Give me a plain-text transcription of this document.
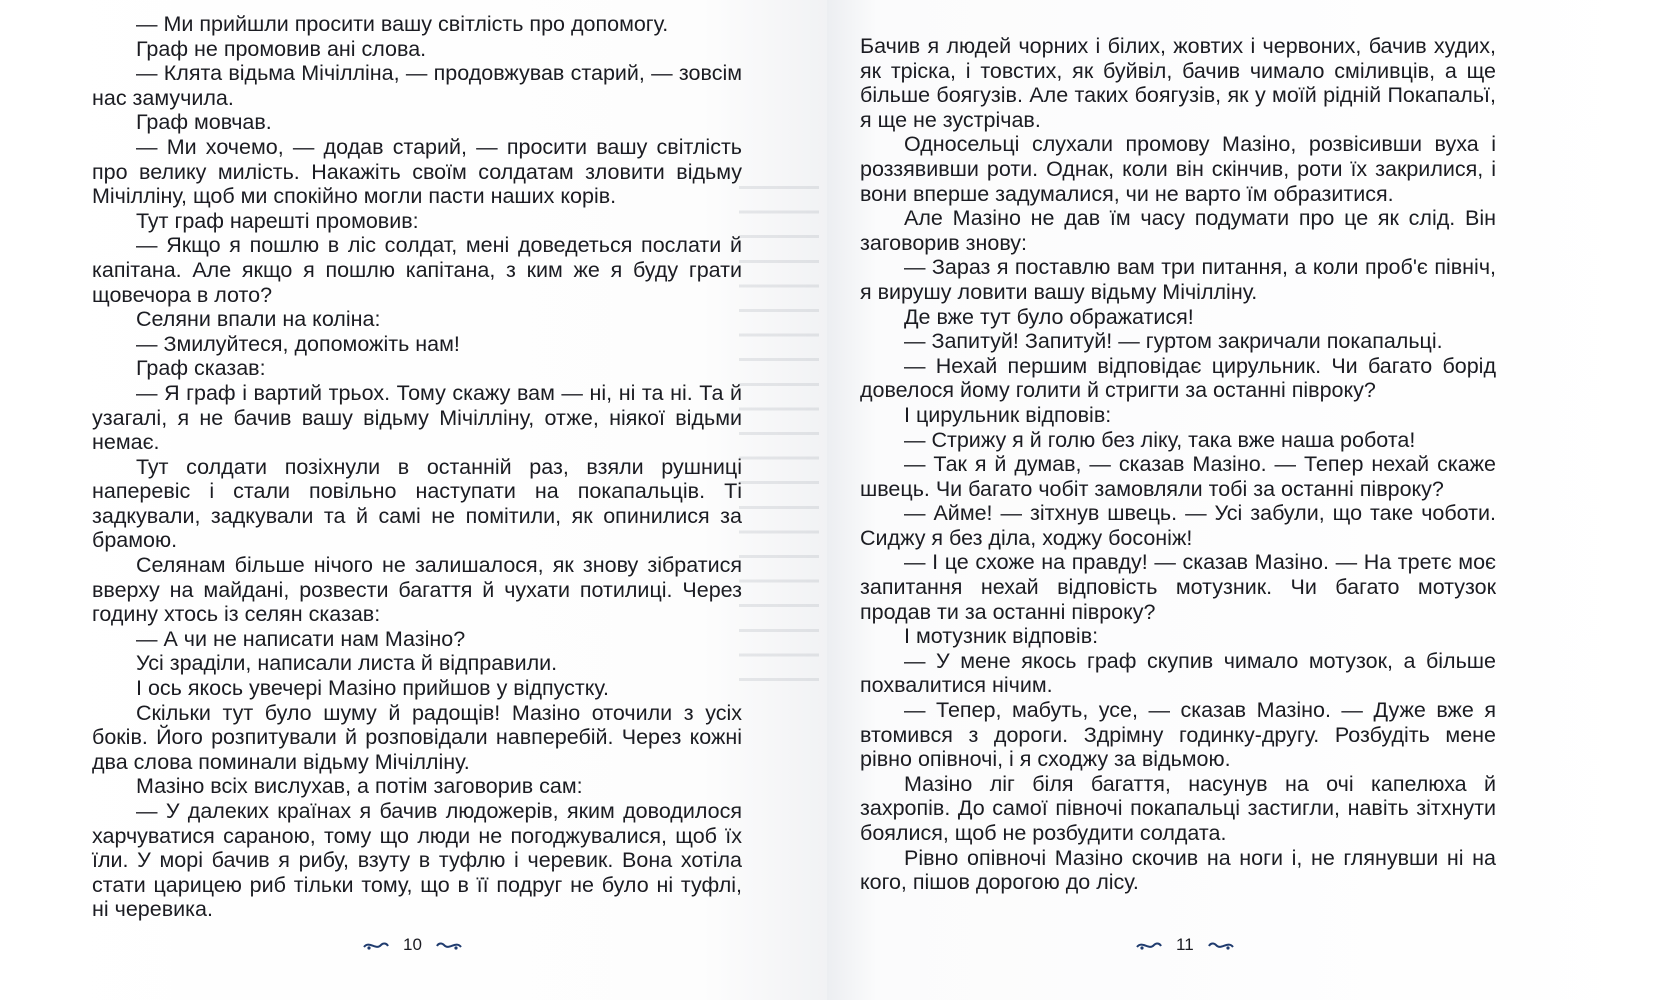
— Ми прийшли просити вашу світлість про допомогу.

Граф не промовив ані слова.

— Клята відьма Мічілліна, — продовжував старий, — зовсім нас замучила.

Граф мовчав.

— Ми хочемо, — додав старий, — просити вашу світлість про велику милість. Накажіть своїм солдатам зловити відьму Мічілліну, щоб ми спокійно могли пасти наших корів.

Тут граф нарешті промовив:

— Якщо я пошлю в ліс солдат, мені доведеться послати й капітана. Але якщо я пошлю капітана, з ким же я буду грати щовечора в лото?

Селяни впали на коліна:

— Змилуйтеся, допоможіть нам!

Граф сказав:

— Я граф і вартий трьох. Тому скажу вам — ні, ні та ні. Та й узагалі, я не бачив вашу відьму Мічілліну, отже, ніякої відьми немає.

Тут солдати позіхнули в останній раз, взяли рушниці наперевіс і стали повільно наступати на покапальців. Ті задкували, задкували та й самі не помітили, як опинилися за брамою.

Селянам більше нічого не залишалося, як знову зібратися вверху на майдані, розвести багаття й чухати потилиці. Через годину хтось із селян сказав:

— А чи не написати нам Мазіно?

Усі зраділи, написали листа й відправили.

І ось якось увечері Мазіно прийшов у відпустку.

Скільки тут було шуму й радощів! Мазіно оточили з усіх боків. Його розпитували й розповідали навперебій. Через кожні два слова поминали відьму Мічілліну.

Мазіно всіх вислухав, а потім заговорив сам:

— У далеких країнах я бачив людожерів, яким доводилося харчуватися сараною, тому що люди не погоджувалися, щоб їх їли. У морі бачив я рибу, взуту в туфлю і черевик. Вона хотіла стати царицею риб тільки тому, що в її подруг не було ні туфлі, ні черевика.

10

Бачив я людей чорних і білих, жовтих і червоних, бачив худих, як тріска, і товстих, як буйвіл, бачив чимало сміливців, а ще більше боягузів. Але таких боягузів, як у моїй рідній Покапальї, я ще не зустрічав.

Односельці слухали промову Мазіно, розвісивши вуха і роззявивши роти. Однак, коли він скінчив, роти їх закрилися, і вони вперше задумалися, чи не варто їм образитися.

Але Мазіно не дав їм часу подумати про це як слід. Він заговорив знову:

— Зараз я поставлю вам три питання, а коли проб'є північ, я вирушу ловити вашу відьму Мічілліну.

Де вже тут було ображатися!

— Запитуй! Запитуй! — гуртом закричали покапальці.

— Нехай першим відповідає цирульник. Чи багато борід довелося йому голити й стригти за останні півроку?

І цирульник відповів:

— Стрижу я й голю без ліку, така вже наша робота!

— Так я й думав, — сказав Мазіно. — Тепер нехай скаже швець. Чи багато чобіт замовляли тобі за останні півроку?

— Айме! — зітхнув швець. — Усі забули, що таке чоботи. Сиджу я без діла, ходжу босоніж!

— І це схоже на правду! — сказав Мазіно. — На третє моє запитання нехай відповість мотузник. Чи багато мотузок продав ти за останні півроку?

І мотузник відповів:

— У мене якось граф скупив чимало мотузок, а більше похвалитися нічим.

— Тепер, мабуть, усе, — сказав Мазіно. — Дуже вже я втомився з дороги. Здрімну годинку-другу. Розбудіть мене рівно опівночі, і я сходжу за відьмою.

Мазіно ліг біля багаття, насунув на очі капелюха й захропів. До самої півночі покапальці застигли, навіть зітхнути боялися, щоб не розбудити солдата.

Рівно опівночі Мазіно скочив на ноги і, не глянувши ні на кого, пішов дорогою до лісу.

11
